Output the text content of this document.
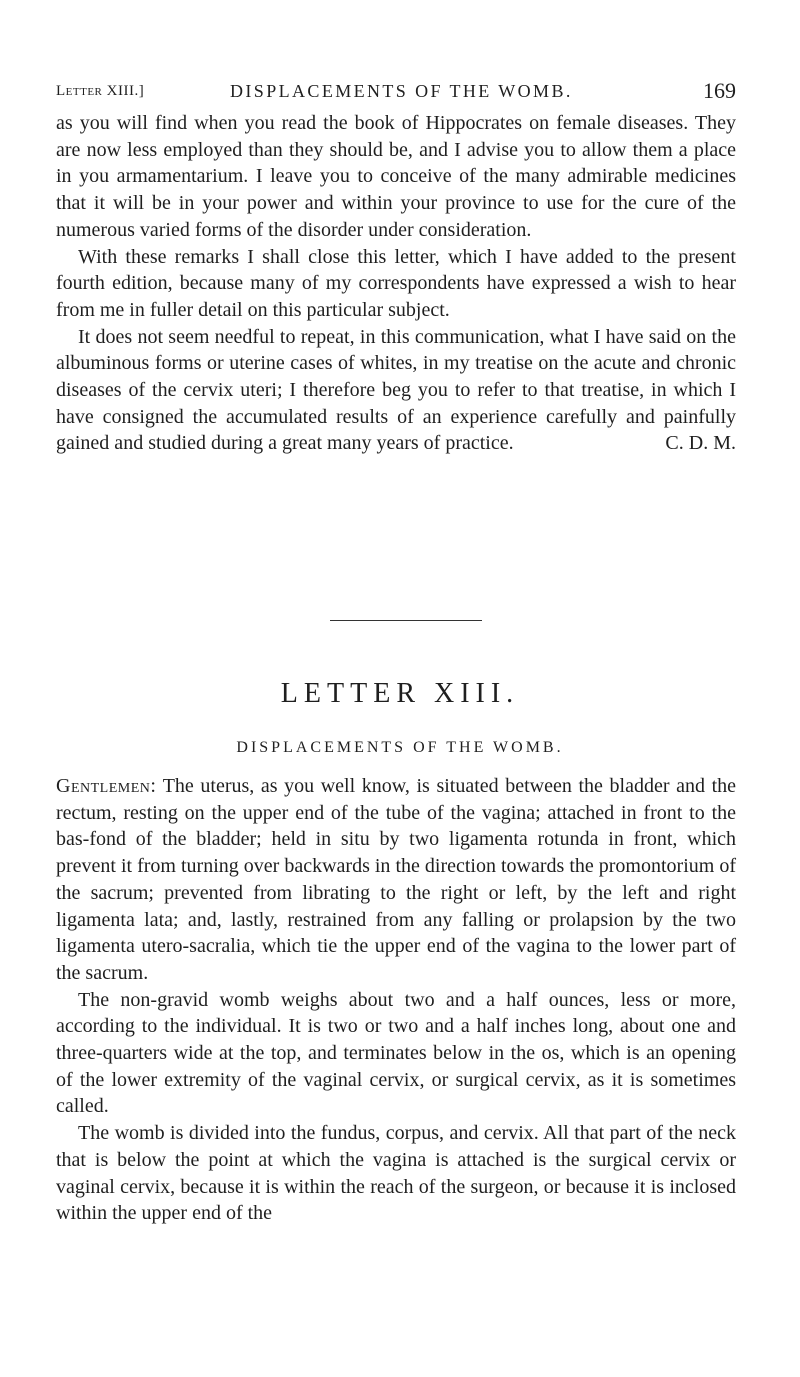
Letter XIII.]	DISPLACEMENTS OF THE WOMB.	169

as you will find when you read the book of Hippocrates on female diseases. They are now less employed than they should be, and I advise you to allow them a place in you armamentarium. I leave you to conceive of the many admirable medicines that it will be in your power and within your province to use for the cure of the numerous varied forms of the disorder under consideration.

With these remarks I shall close this letter, which I have added to the present fourth edition, because many of my correspondents have expressed a wish to hear from me in fuller detail on this particular subject.

It does not seem needful to repeat, in this communication, what I have said on the albuminous forms or uterine cases of whites, in my treatise on the acute and chronic diseases of the cervix uteri; I therefore beg you to refer to that treatise, in which I have consigned the accumulated results of an experience carefully and painfully gained and studied during a great many years of practice.	C. D. M.

LETTER XIII.
DISPLACEMENTS OF THE WOMB.

Gentlemen: The uterus, as you well know, is situated between the bladder and the rectum, resting on the upper end of the tube of the vagina; attached in front to the bas-fond of the bladder; held in situ by two ligamenta rotunda in front, which prevent it from turning over backwards in the direction towards the promontorium of the sacrum; prevented from librating to the right or left, by the left and right ligamenta lata; and, lastly, restrained from any falling or prolapsion by the two ligamenta utero-sacralia, which tie the upper end of the vagina to the lower part of the sacrum.

The non-gravid womb weighs about two and a half ounces, less or more, according to the individual. It is two or two and a half inches long, about one and three-quarters wide at the top, and terminates below in the os, which is an opening of the lower extremity of the vaginal cervix, or surgical cervix, as it is sometimes called.

The womb is divided into the fundus, corpus, and cervix. All that part of the neck that is below the point at which the vagina is attached is the surgical cervix or vaginal cervix, because it is within the reach of the surgeon, or because it is inclosed within the upper end of the
